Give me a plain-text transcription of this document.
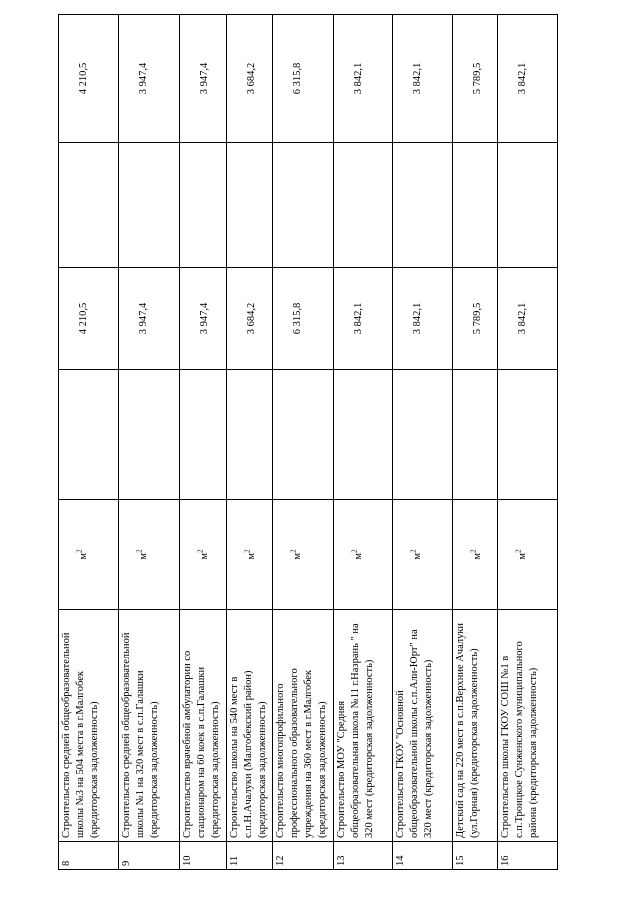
8	Строительство средней общеобразовательной школы №3 на 504 места в г.Малгобек (кредиторская задолженность)	$м^2$		4 210,5		4 210,5
9	Строительство средней общеобразовательной школы №1 на 320 мест в с.п.Галашки (кредиторская задолженность)	$м^2$		3 947,4		3 947,4
10	Строительство врачебной амбулатории со стационаром на 60 коек в с.п.Галашки (кредиторская задолженность)	$м^2$		3 947,4		3 947,4
11	Строительство школы на 540 мест в с.п.Н.Ачалуки (Малгобекский район) (кредиторская задолженность)	$м^2$		3 684,2		3 684,2
12	Строительство многопрофильного профессионального образовательного учреждения на 360 мест в г.Малгобек (кредиторская задолженность)	$м^2$		6 315,8		6 315,8
13	Строительство МОУ "Средняя общеобразовательная школа №11 г.Назрань " на 320 мест (кредиторская задолженность)	$м^2$		3 842,1		3 842,1
14	Строительство ГКОУ "Основной общеобразовательной школы с.п.Али-Юрт" на 320 мест (кредиторская задолженность)	$м^2$		3 842,1		3 842,1
15	Детский сад на 220 мест в с.п.Верхние Ачалуки (ул.Горная) (кредиторская задолженность)	$м^2$		5 789,5		5 789,5
16	Строительство школы ГКОУ СОШ №1 в с.п.Троицкое Сунженского муниципального района (кредиторская задолженность)	$м^2$		3 842,1		3 842,1
